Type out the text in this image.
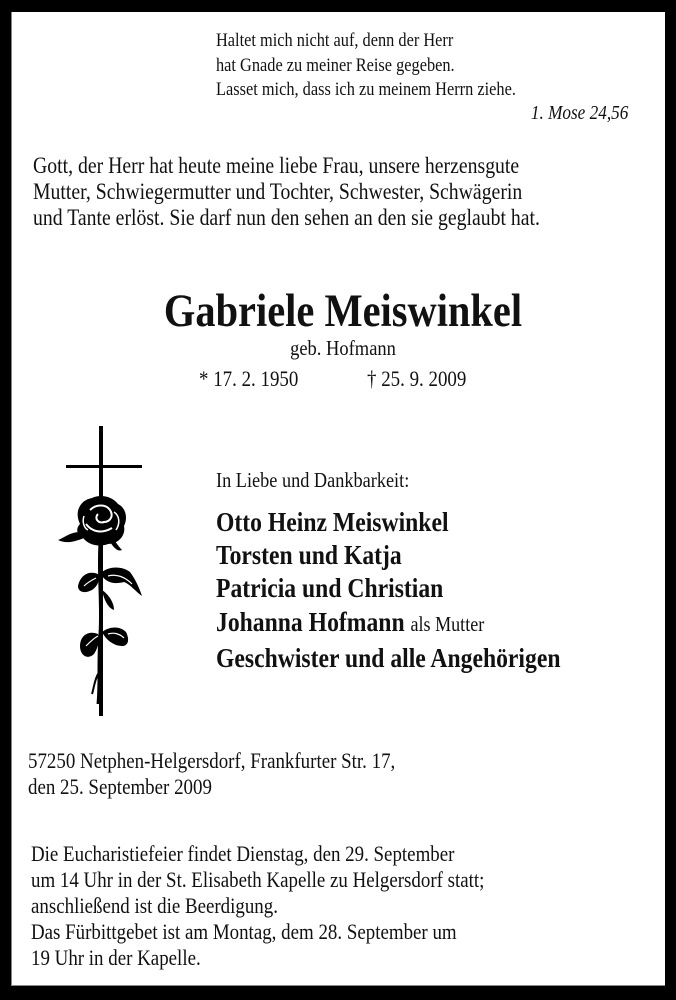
Haltet mich nicht auf, denn der Herr
hat Gnade zu meiner Reise gegeben.
Lasset mich, dass ich zu meinem Herrn ziehe.
1. Mose 24,56
Gott, der Herr hat heute meine liebe Frau, unsere herzensgute
Mutter, Schwiegermutter und Tochter, Schwester, Schwägerin
und Tante erlöst. Sie darf nun den sehen an den sie geglaubt hat.
Gabriele Meiswinkel
geb. Hofmann
* 17. 2. 1950	† 25. 9. 2009
In Liebe und Dankbarkeit:
Otto Heinz Meiswinkel
Torsten und Katja
Patricia und Christian
Johanna Hofmann als Mutter
Geschwister und alle Angehörigen
57250 Netphen-Helgersdorf, Frankfurter Str. 17,
den 25. September 2009
Die Eucharistiefeier findet Dienstag, den 29. September
um 14 Uhr in der St. Elisabeth Kapelle zu Helgersdorf statt;
anschließend ist die Beerdigung.
Das Fürbittgebet ist am Montag, dem 28. September um
19 Uhr in der Kapelle.
